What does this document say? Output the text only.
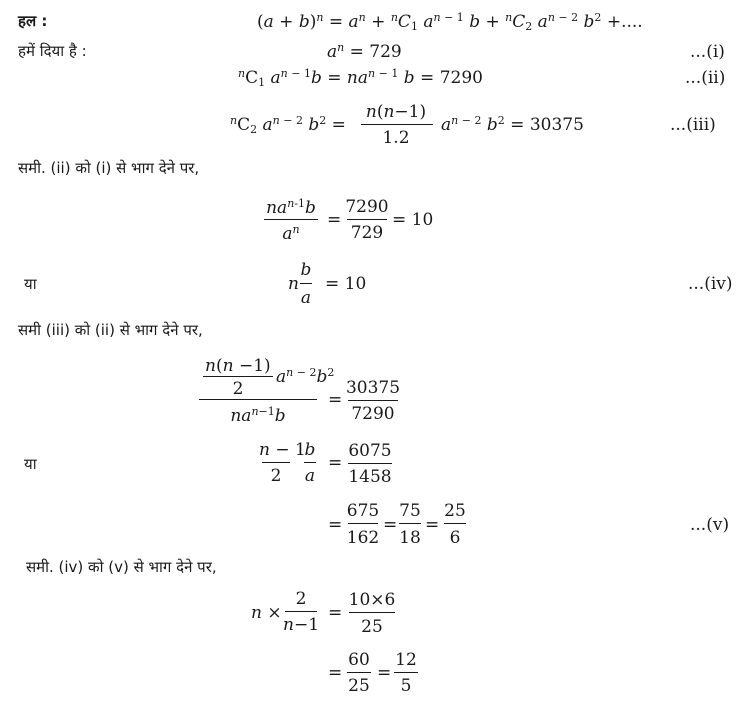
हल :	$(a + b)^n = a^n + ^nC_1$ $a^{n - 1}$ $b + ^nC_2$ $a^{n - 2}$ $b^2$ +....
हमें दिया है :	$a^n = 729$	...(i)
$^nC_1$ $a^{n - 1}b = na^{n - 1}$ b = 7290	...(ii)
$^nC_2$ $a^{n - 2}$ $b^2$ =
n(n−1)
1.2
$a^{n - 2}$ $b^2 = 30375$	...(iii)
समी. (ii) को (i) से भाग देने पर,
$na^{n-1}b$
$a^n$	=
7290
729
= 10
या	n
b
a
= 10	...(iv)
समी (iii) को (ii) से भाग देने पर,
n(n −1)
2
$a^{n - 2}b^2$
$na^{n-1}b$
=
30375
7290
या
n − 1
2
b
a
=
6075
1458
=
675
162
=
75
18
=
25
6
...(v)
समी. (iv) को (v) से भाग देने पर,
n ×
2
n−1
=
10×6
25
=
60
25
=
12
5
